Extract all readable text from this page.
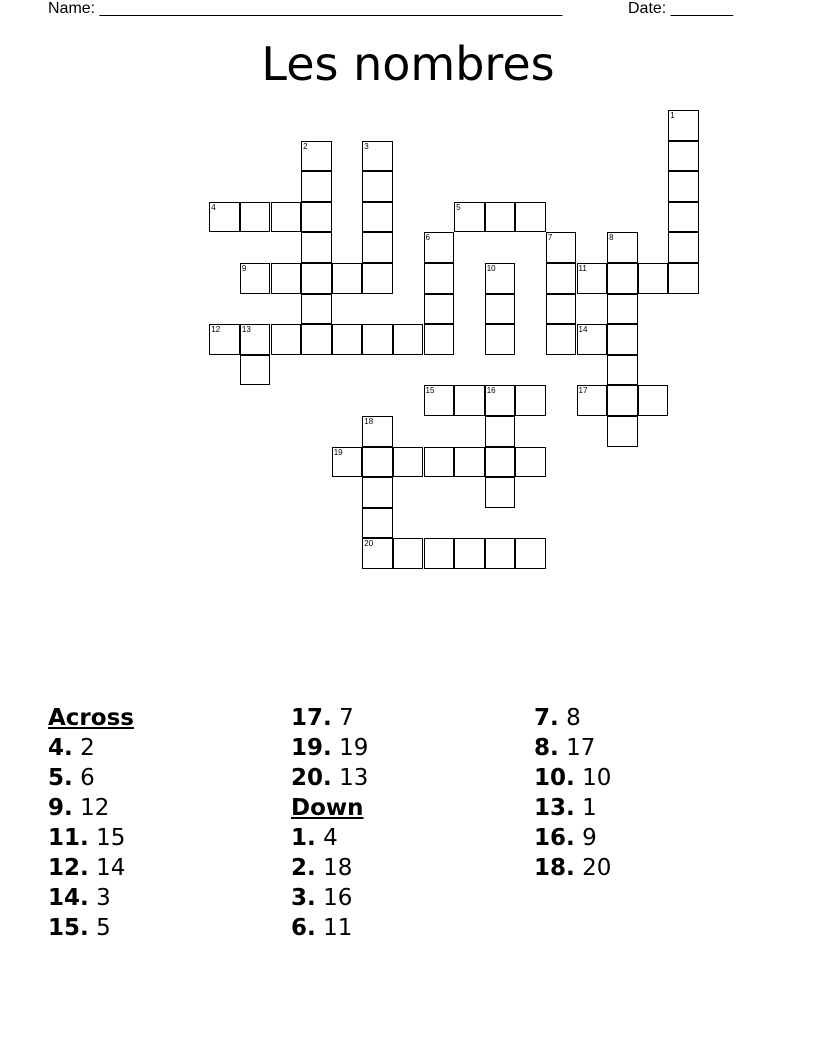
Name: ____________________________________________________	Date: _______
Les nombres
1
2	3
4	5
6	7	8
9	10	11
12	13	14
15	16	17
18
19
20
Across
4. 2
5. 6
9. 12
11. 15
12. 14
14. 3
15. 5
17. 7
19. 19
20. 13
Down
1. 4
2. 18
3. 16
6. 11
7. 8
8. 17
10. 10
13. 1
16. 9
18. 20
